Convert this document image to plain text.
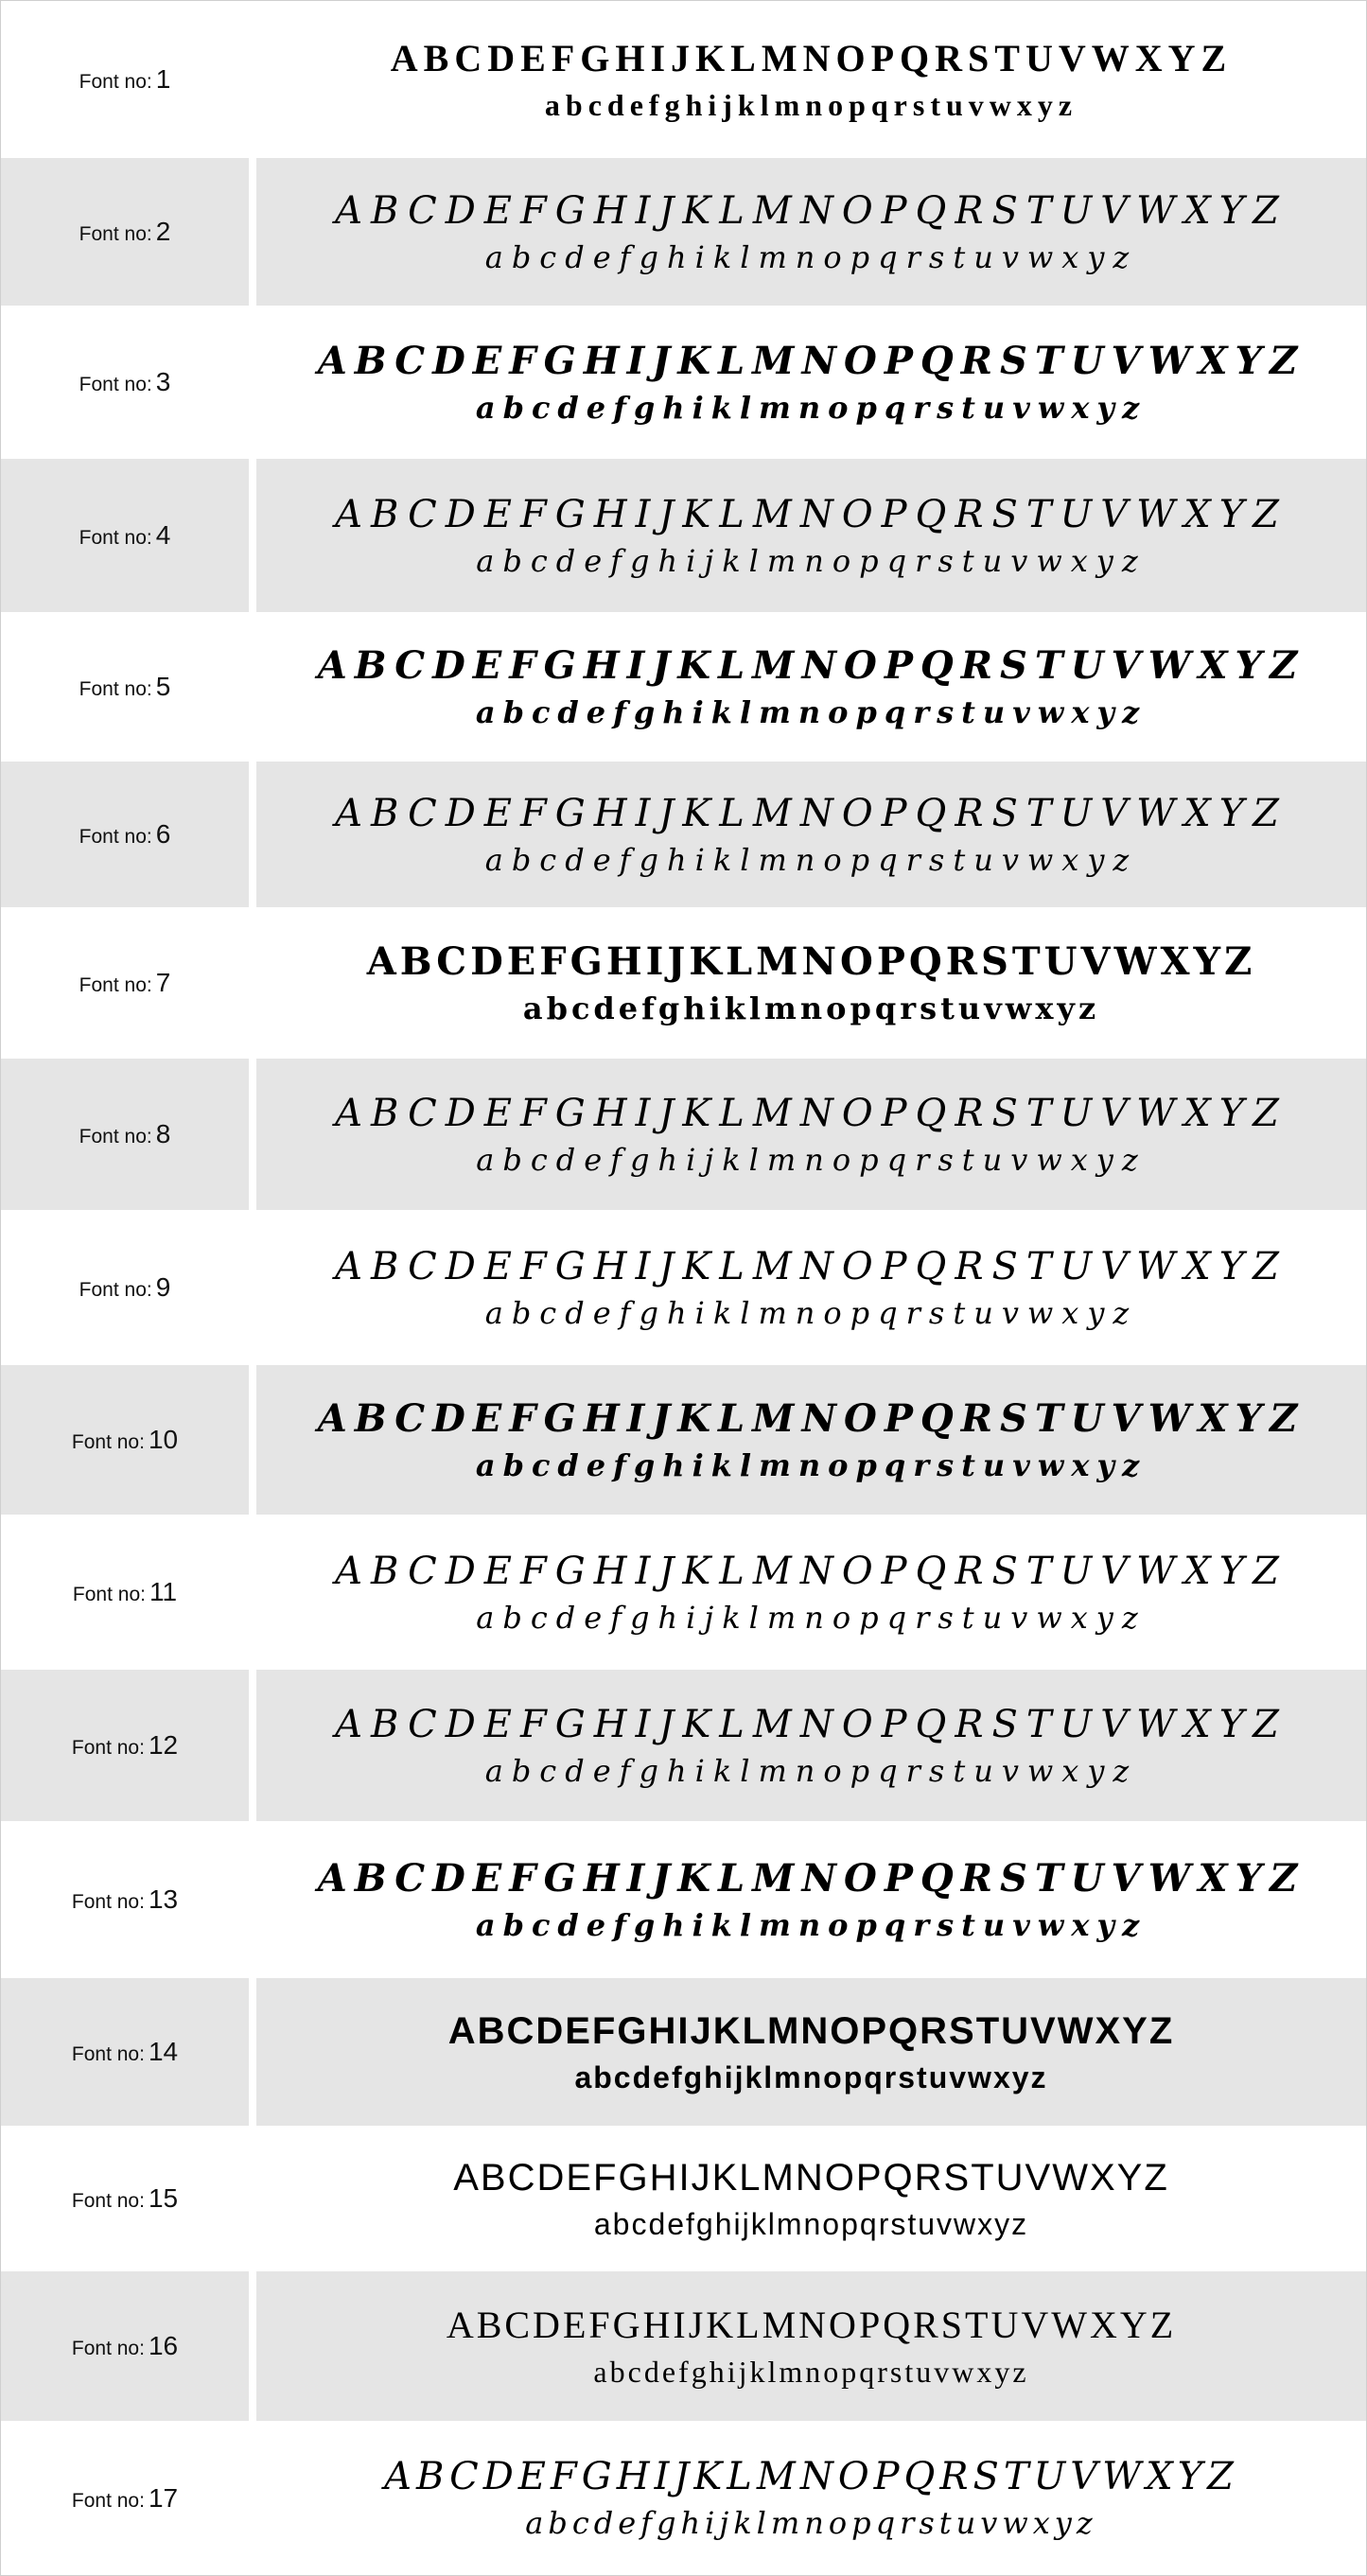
Font no: 1	ABCDEFGHIJKLMNOPQRSTUVWXYZ
abcdefghijklmnopqrstuvwxyz
Font no: 2	ABCDEFGHIJKLMNOPQRSTUVWXYZ
abcdefghiklmnopqrstuvwxyz
Font no: 3	ABCDEFGHIJKLMNOPQRSTUVWXYZ
abcdefghiklmnopqrstuvwxyz
Font no: 4	ABCDEFGHIJKLMNOPQRSTUVWXYZ
abcdefghijklmnopqrstuvwxyz
Font no: 5	ABCDEFGHIJKLMNOPQRSTUVWXYZ
abcdefghiklmnopqrstuvwxyz
Font no: 6	ABCDEFGHIJKLMNOPQRSTUVWXYZ
abcdefghiklmnopqrstuvwxyz
Font no: 7	ABCDEFGHIJKLMNOPQRSTUVWXYZ
abcdefghiklmnopqrstuvwxyz
Font no: 8	ABCDEFGHIJKLMNOPQRSTUVWXYZ
abcdefghijklmnopqrstuvwxyz
Font no: 9	ABCDEFGHIJKLMNOPQRSTUVWXYZ
abcdefghiklmnopqrstuvwxyz
Font no: 10	ABCDEFGHIJKLMNOPQRSTUVWXYZ
abcdefghiklmnopqrstuvwxyz
Font no: 11	ABCDEFGHIJKLMNOPQRSTUVWXYZ
abcdefghijklmnopqrstuvwxyz
Font no: 12	ABCDEFGHIJKLMNOPQRSTUVWXYZ
abcdefghiklmnopqrstuvwxyz
Font no: 13	ABCDEFGHIJKLMNOPQRSTUVWXYZ
abcdefghiklmnopqrstuvwxyz
Font no: 14	ABCDEFGHIJKLMNOPQRSTUVWXYZ
abcdefghijklmnopqrstuvwxyz
Font no: 15	ABCDEFGHIJKLMNOPQRSTUVWXYZ
abcdefghijklmnopqrstuvwxyz
Font no: 16	ABCDEFGHIJKLMNOPQRSTUVWXYZ
abcdefghijklmnopqrstuvwxyz
Font no: 17	ABCDEFGHIJKLMNOPQRSTUVWXYZ
abcdefghijklmnopqrstuvwxyz
